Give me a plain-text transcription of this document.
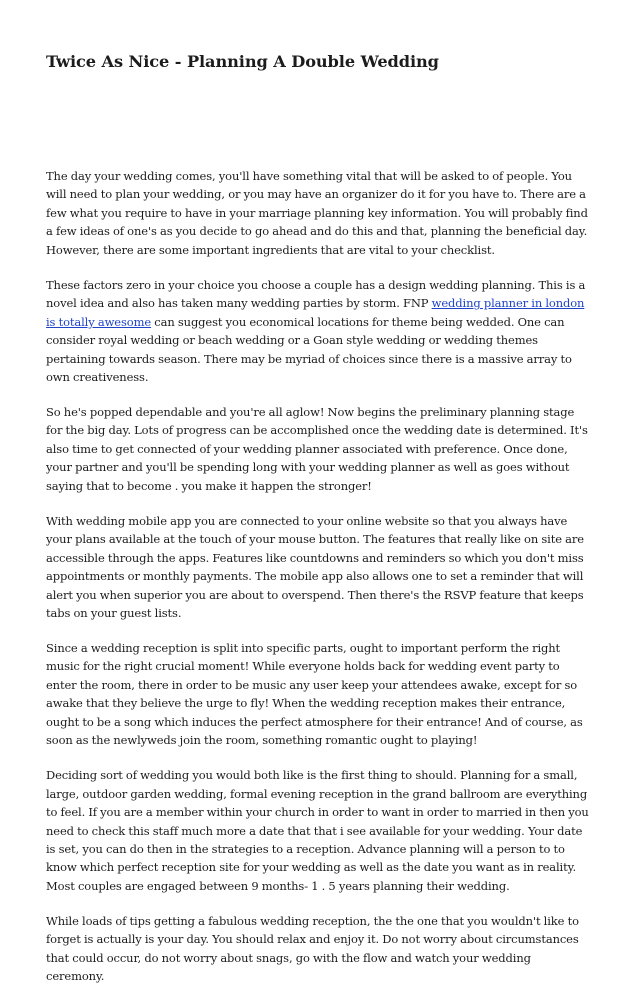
Twice As Nice - Planning A Double Wedding

The day your wedding comes, you'll have something vital that will be asked to of people. You will need to plan your wedding, or you may have an organizer do it for you have to. There are a few what you require to have in your marriage planning key information. You will probably find a few ideas of one's as you decide to go ahead and do this and that, planning the beneficial day. However, there are some important ingredients that are vital to your checklist.

These factors zero in your choice you choose a couple has a design wedding planning. This is a novel idea and also has taken many wedding parties by storm. FNP wedding planner in london is totally awesome can suggest you economical locations for theme being wedded. One can consider royal wedding or beach wedding or a Goan style wedding or wedding themes pertaining towards season. There may be myriad of choices since there is a massive array to own creativeness.

So he's popped dependable and you're all aglow! Now begins the preliminary planning stage for the big day. Lots of progress can be accomplished once the wedding date is determined. It's also time to get connected of your wedding planner associated with preference. Once done, your partner and you'll be spending long with your wedding planner as well as goes without saying that to become . you make it happen the stronger!

With wedding mobile app you are connected to your online website so that you always have your plans available at the touch of your mouse button. The features that really like on site are accessible through the apps. Features like countdowns and reminders so which you don't miss appointments or monthly payments. The mobile app also allows one to set a reminder that will alert you when superior you are about to overspend. Then there's the RSVP feature that keeps tabs on your guest lists.

Since a wedding reception is split into specific parts, ought to important perform the right music for the right crucial moment! While everyone holds back for wedding event party to enter the room, there in order to be music any user keep your attendees awake, except for so awake that they believe the urge to fly! When the wedding reception makes their entrance, ought to be a song which induces the perfect atmosphere for their entrance! And of course, as soon as the newlyweds join the room, something romantic ought to playing!

Deciding sort of wedding you would both like is the first thing to should. Planning for a small, large, outdoor garden wedding, formal evening reception in the grand ballroom are everything to feel. If you are a member within your church in order to want in order to married in then you need to check this staff much more a date that that i see available for your wedding. Your date is set, you can do then in the strategies to a reception. Advance planning will a person to to know which perfect reception site for your wedding as well as the date you want as in reality. Most couples are engaged between 9 months- 1 . 5 years planning their wedding.

While loads of tips getting a fabulous wedding reception, the the one that you wouldn't like to forget is actually is your day. You should relax and enjoy it. Do not worry about circumstances that could occur, do not worry about snags, go with the flow and watch your wedding ceremony.
